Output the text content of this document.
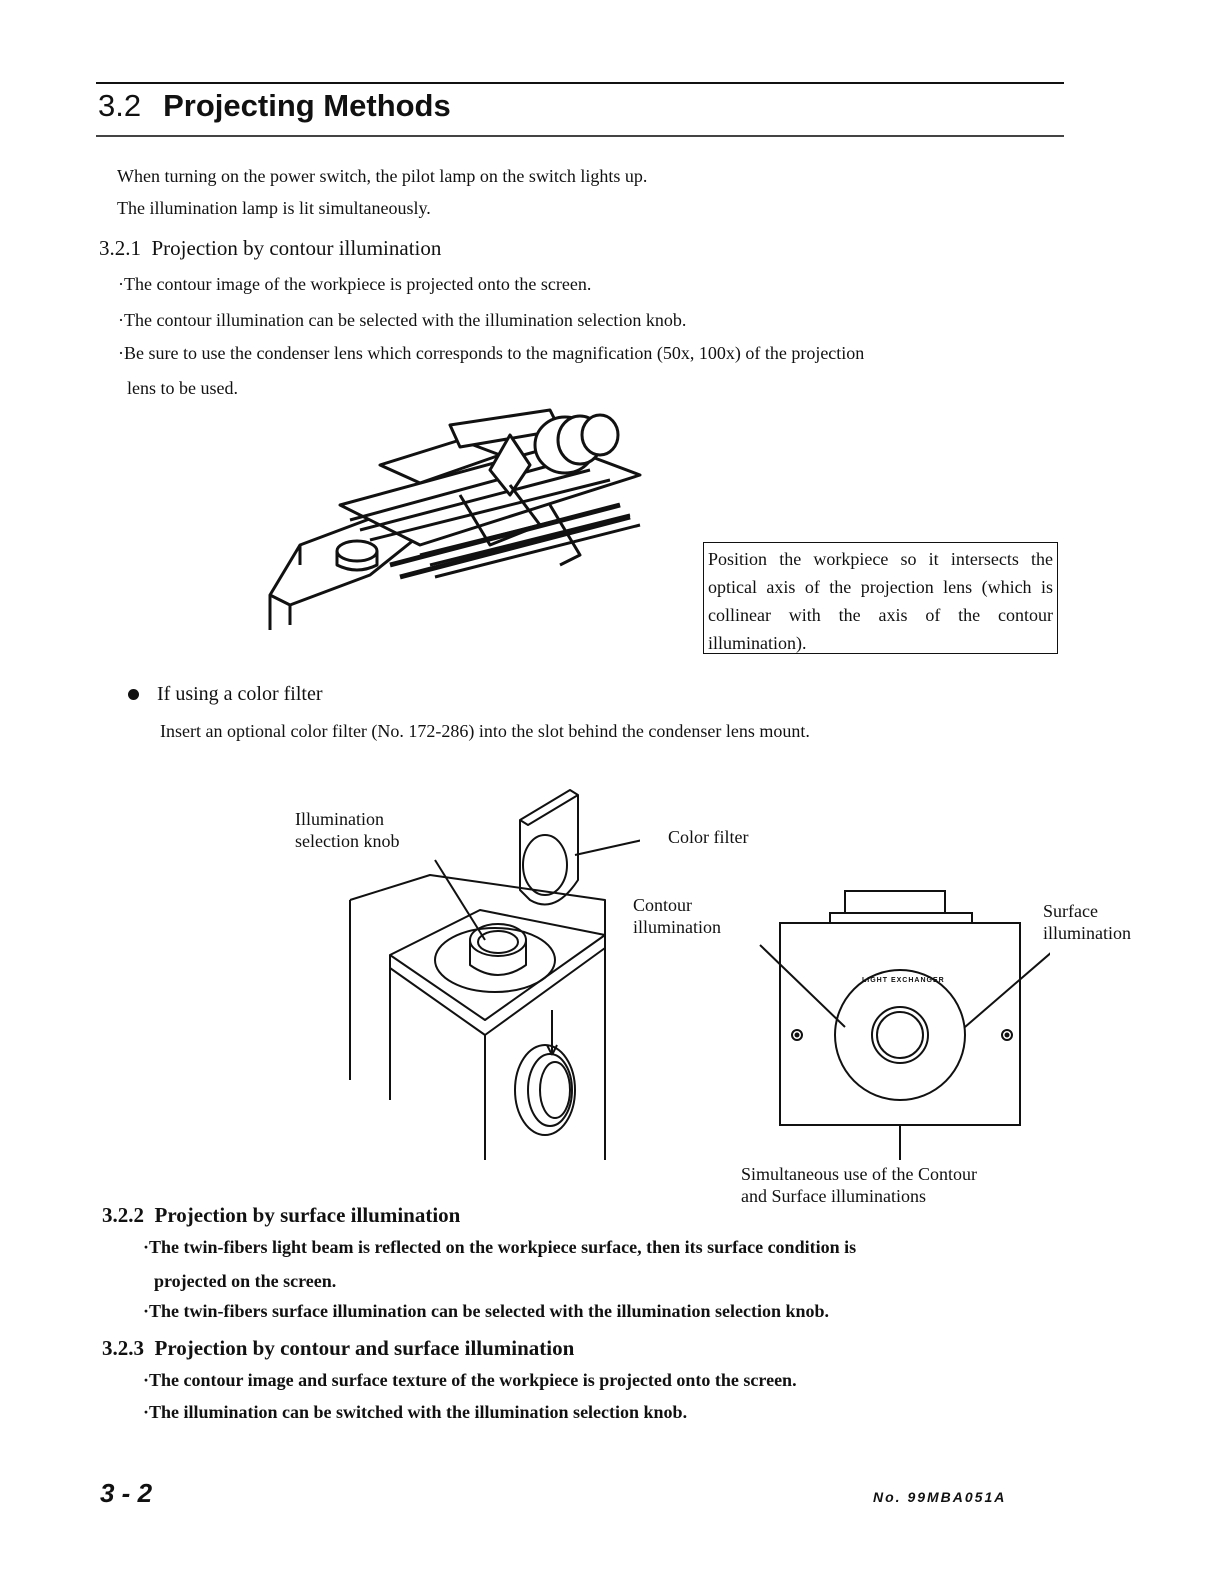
3.2 Projecting Methods
When turning on the power switch, the pilot lamp on the switch lights up.
The illumination lamp is lit simultaneously.
3.2.1  Projection by contour illumination
·The contour image of the workpiece is projected onto the screen.
·The contour illumination can be selected with the illumination selection knob.
·Be sure to use the condenser lens which corresponds to the magnification (50x, 100x) of the projection
lens to be used.
Position the workpiece so it intersects the optical axis of the projection lens (which is collinear with the axis of the contour illumination).
If using a color filter
Insert an optional color filter (No. 172-286) into the slot behind the condenser lens mount.
LIGHT EXCHANGER
Illumination
selection knob	Color filter
Contour
illumination
Surface
illumination
Simultaneous use of the Contour
and Surface illuminations
3.2.2  Projection by surface illumination
·The twin-fibers light beam is reflected on the workpiece surface, then its surface condition is
projected on the screen.
·The twin-fibers surface illumination can be selected with the illumination selection knob.
3.2.3  Projection by contour and surface illumination
·The contour image and surface texture of the workpiece is projected onto the screen.
·The illumination can be switched with the illumination selection knob.
3 - 2	No. 99MBA051A
